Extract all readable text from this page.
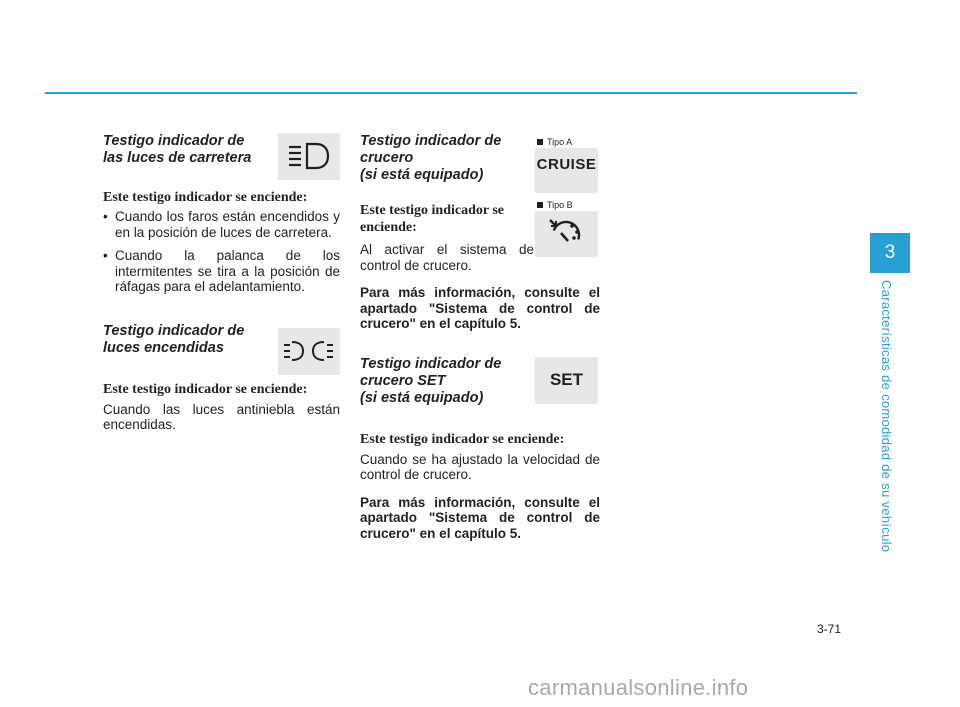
Testigo indicador de las luces de carretera

Este testigo indicador se enciende:

• Cuando los faros están encendidos y en la posición de luces de carretera.

• Cuando la palanca de los intermitentes se tira a la posición de ráfagas para el adelantamiento.

Testigo indicador de luces encendidas

Este testigo indicador se enciende:

Cuando las luces antiniebla están encendidas.

Testigo indicador de crucero

(si está equipado)

Este testigo indicador se enciende:

Al activar el sistema de control de crucero.

Para más información, consulte el apartado "Sistema de control de crucero" en el capítulo 5.

Testigo indicador de crucero SET

(si está equipado)

Este testigo indicador se enciende:

Cuando se ha ajustado la velocidad de control de crucero.

Para más información, consulte el apartado "Sistema de control de crucero" en el capítulo 5.

Tipo A
CRUISE
Tipo B
SET
3
Características de comodidad de su vehículo
3-71
carmanualsonline.info
